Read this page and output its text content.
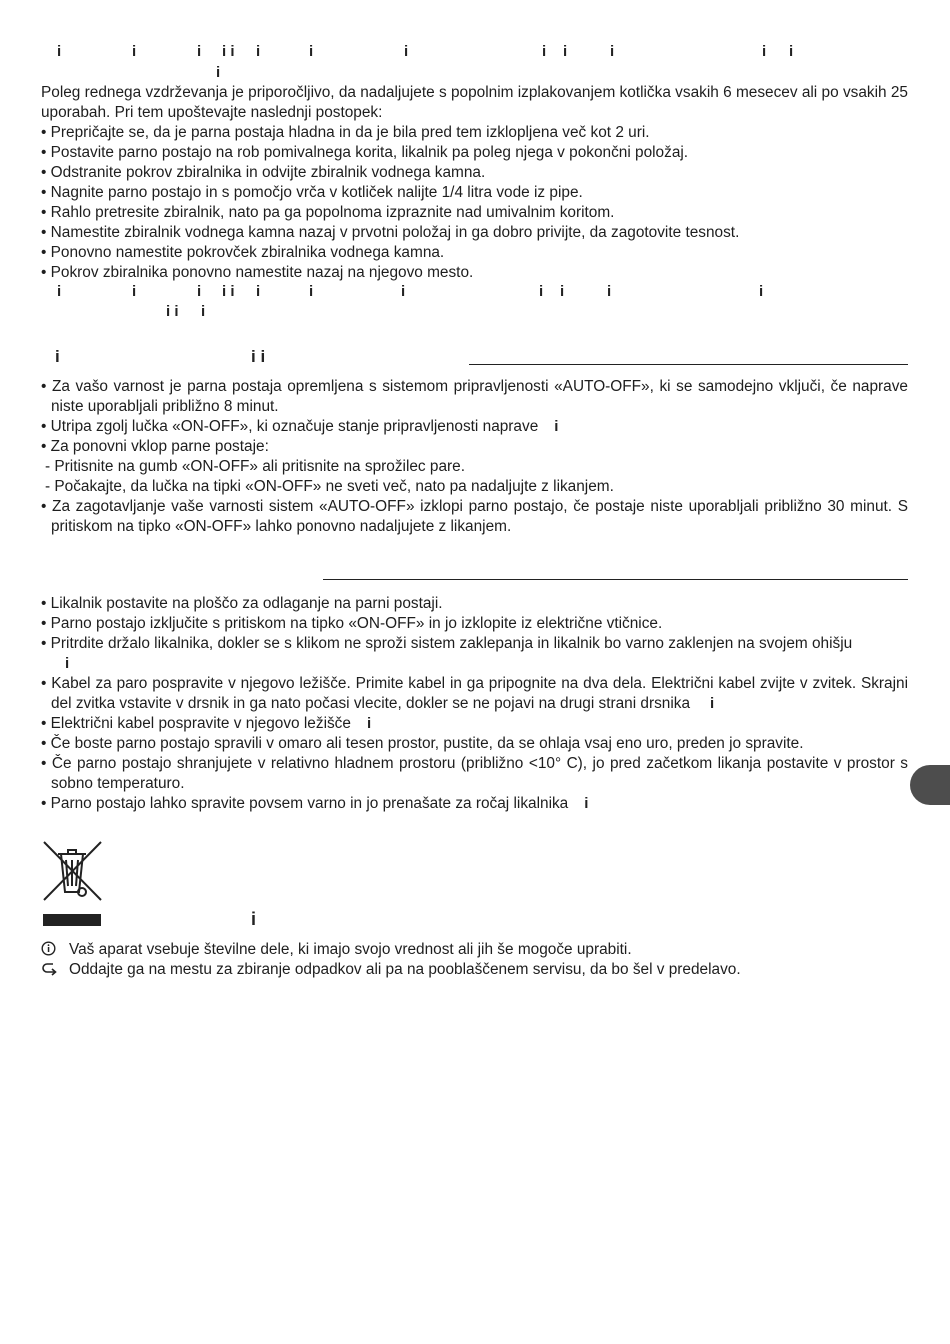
i	i	i i i i	i	i	i i	i	i i
i

Poleg rednega vzdrževanja je priporočljivo, da nadaljujete s popolnim izplakovanjem kotlička vsakih 6 mesecev ali po vsakih 25 uporabah. Pri tem upoštevajte naslednji postopek:

• Prepričajte se, da je parna postaja hladna in da je bila pred tem izklopljena več kot 2 uri.
• Postavite parno postajo na rob pomivalnega korita, likalnik pa poleg njega v pokončni položaj.
• Odstranite pokrov zbiralnika in odvijte zbiralnik vodnega kamna.
• Nagnite parno postajo in s pomočjo vrča v kotliček nalijte 1/4 litra vode iz pipe.
• Rahlo pretresite zbiralnik, nato pa ga popolnoma izpraznite nad umivalnim koritom.
• Namestite zbiralnik vodnega kamna nazaj v prvotni položaj in ga dobro privijte, da zagotovite tesnost.
• Ponovno namestite pokrovček zbiralnika vodnega kamna.
• Pokrov zbiralnika ponovno namestite nazaj na njegovo mesto.
i	i	i i i i	i	i	i i	i	i
i i i
i	i i
• Za vašo varnost je parna postaja opremljena s sistemom pripravljenosti «AUTO-OFF», ki se samodejno vključi, če naprave niste uporabljali približno 8 minut.
• Utripa zgolj lučka «ON-OFF», ki označuje stanje pripravljenosti naprave i
• Za ponovni vklop parne postaje:
- Pritisnite na gumb «ON-OFF» ali pritisnite na sprožilec pare.
- Počakajte, da lučka na tipki «ON-OFF» ne sveti več, nato pa nadaljujte z likanjem.
• Za zagotavljanje vaše varnosti sistem «AUTO-OFF» izklopi parno postajo, če postaje niste uporabljali približno 30 minut. S pritiskom na tipko «ON-OFF» lahko ponovno nadaljujete z likanjem.
• Likalnik postavite na ploščo za odlaganje na parni postaji.
• Parno postajo izključite s pritiskom na tipko «ON-OFF» in jo izklopite iz električne vtičnice.
• Pritrdite držalo likalnika, dokler se s klikom ne sproži sistem zaklepanja in likalnik bo varno zaklenjen na svojem ohišju
i
• Kabel za paro pospravite v njegovo ležišče. Primite kabel in ga pripognite na dva dela. Električni kabel zvijte v zvitek. Skrajni del zvitka vstavite v drsnik in ga nato počasi vlecite, dokler se ne pojavi na drugi strani drsnika i
• Električni kabel pospravite v njegovo ležišče i
• Če boste parno postajo spravili v omaro ali tesen prostor, pustite, da se ohlaja vsaj eno uro, preden jo spravite.
• Če parno postajo shranjujete v relativno hladnem prostoru (približno <10° C), jo pred začetkom likanja postavite v prostor s sobno temperaturo.
• Parno postajo lahko spravite povsem varno in jo prenašate za ročaj likalnika i
i
Vaš aparat vsebuje številne dele, ki imajo svojo vrednost ali jih še mogoče uprabiti.
Oddajte ga na mestu za zbiranje odpadkov ali pa na pooblaščenem servisu, da bo šel v predelavo.
